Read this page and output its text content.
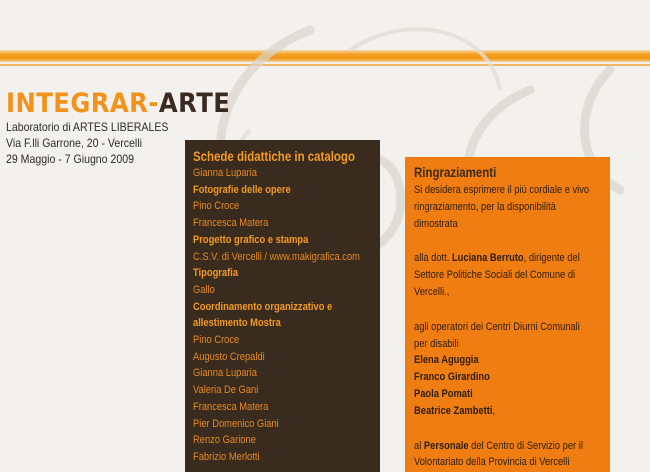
INTEGRAR-ARTE
Laboratorio di ARTES LIBERALES
Via F.lli Garrone, 20 - Vercelli
29 Maggio - 7 Giugno 2009	Schede didattiche in catalogo
Gianna Luparia
Fotografie delle opere
Pino Croce
Francesca Matera
Progetto grafico e stampa
C.S.V. di Vercelli / www.makigrafica.com
Tipografia
Gallo
Coordinamento organizzativo e
allestimento Mostra
Pino Croce
Augusto Crepaldi
Gianna Luparia
Valeria De Gani
Francesca Matera
Pier Domenico Giani
Renzo Garione
Fabrizio Merlotti
Ringraziamenti
Si desidera esprimere il più cordiale e vivo
ringraziamento, per la disponibilità
dimostrata
alla dott. Luciana Berruto, dirigente del
Settore Politiche Sociali del Comune di
Vercelli.,
agli operatori dei Centri Diurni Comunali
per disabili
Elena Aguggia
Franco Girardino
Paola Pomati
Beatrice Zambetti,
al Personale del Centro di Servizio per il
Volontariato della Provincia di Vercelli
